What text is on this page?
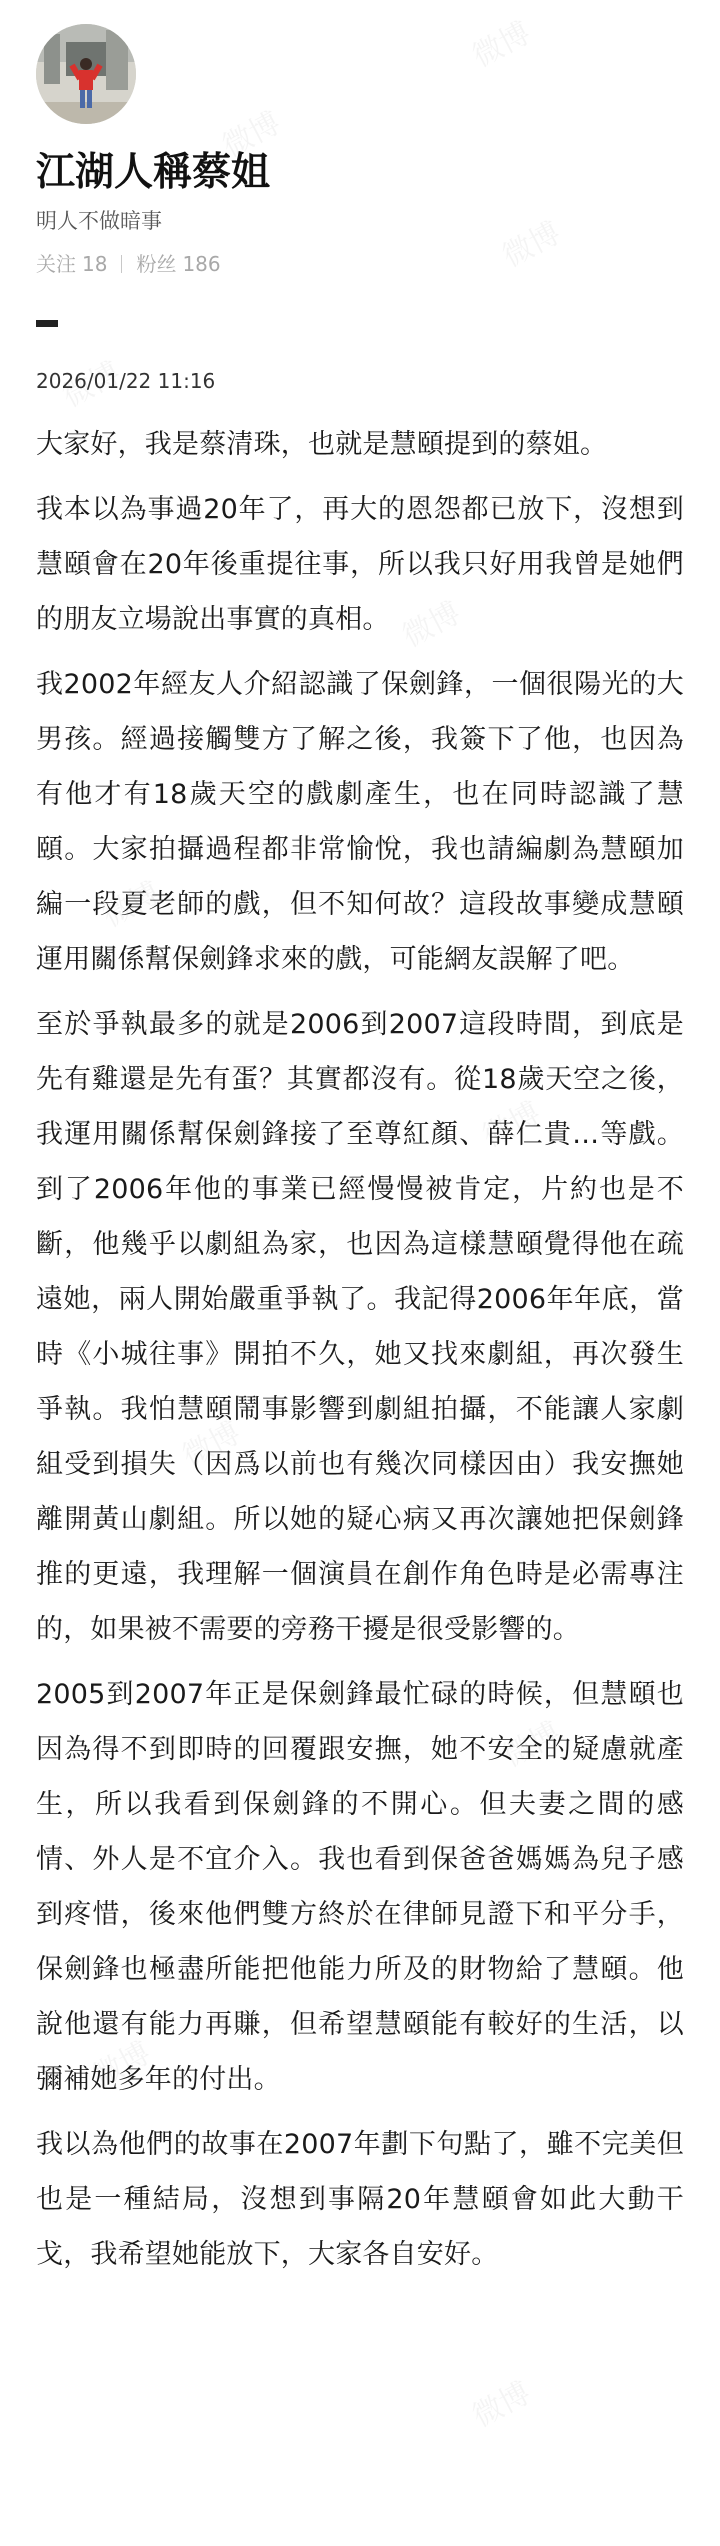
江湖人稱蔡姐
明人不做暗事
关注 18 粉丝 186
2026/01/22 11:16

大家好，我是蔡清珠，也就是慧頤提到的蔡姐。

我本以為事過20年了，再大的恩怨都已放下，沒想到慧頤會在20年後重提往事，所以我只好用我曾是她們的朋友立場說出事實的真相。

我2002年經友人介紹認識了保劍鋒，一個很陽光的大男孩。經過接觸雙方了解之後，我簽下了他，也因為有他才有18歲天空的戲劇產生，也在同時認識了慧頤。大家拍攝過程都非常愉悅，我也請編劇為慧頤加編一段夏老師的戲，但不知何故？這段故事變成慧頤運用關係幫保劍鋒求來的戲，可能網友誤解了吧。

至於爭執最多的就是2006到2007這段時間，到底是先有雞還是先有蛋？其實都沒有。從18歲天空之後，我運用關係幫保劍鋒接了至尊紅顏、薛仁貴…等戲。到了2006年他的事業已經慢慢被肯定，片約也是不斷，他幾乎以劇組為家，也因為這樣慧頤覺得他在疏遠她，兩人開始嚴重爭執了。我記得2006年年底，當時《小城往事》開拍不久，她又找來劇組，再次發生爭執。我怕慧頤鬧事影響到劇組拍攝，不能讓人家劇組受到損失（因爲以前也有幾次同樣因由）我安撫她離開黃山劇組。所以她的疑心病又再次讓她把保劍鋒推的更遠，我理解一個演員在創作角色時是必需專注的，如果被不需要的旁務干擾是很受影響的。

2005到2007年正是保劍鋒最忙碌的時候，但慧頤也因為得不到即時的回覆跟安撫，她不安全的疑慮就產生，所以我看到保劍鋒的不開心。但夫妻之間的感情、外人是不宜介入。我也看到保爸爸媽媽為兒子感到疼惜，後來他們雙方終於在律師見證下和平分手，保劍鋒也極盡所能把他能力所及的財物給了慧頤。他說他還有能力再賺，但希望慧頤能有較好的生活，以彌補她多年的付出。

我以為他們的故事在2007年劃下句點了，雖不完美但也是一種結局，沒想到事隔20年慧頤會如此大動干戈，我希望她能放下，大家各自安好。
